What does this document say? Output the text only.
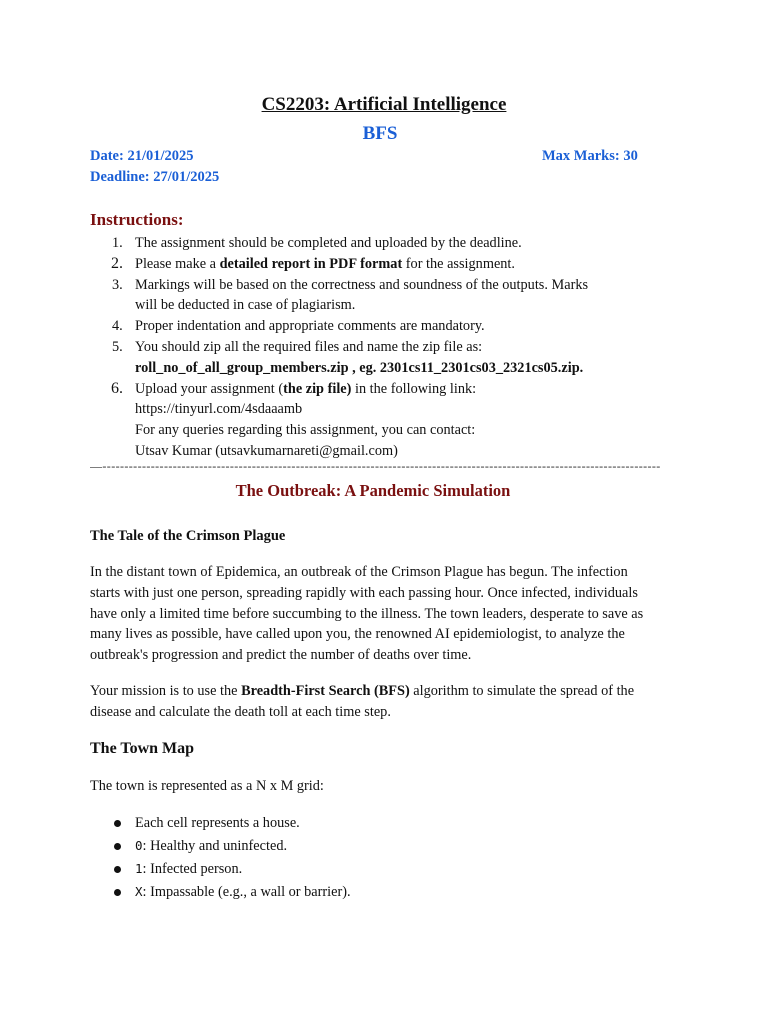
CS2203: Artificial Intelligence
BFS
Date: 21/01/2025	Max Marks: 30
Deadline: 27/01/2025
Instructions:
1. The assignment should be completed and uploaded by the deadline.
2. Please make a detailed report in PDF format for the assignment.
3. Markings will be based on the correctness and soundness of the outputs. Marks
will be deducted in case of plagiarism.
4. Proper indentation and appropriate comments are mandatory.
5. You should zip all the required files and name the zip file as:
roll_no_of_all_group_members.zip , eg. 2301cs11_2301cs03_2321cs05.zip.
6. Upload your assignment (the zip file) in the following link:
https://tinyurl.com/4sdaaamb
For any queries regarding this assignment, you can contact:
Utsav Kumar (utsavkumarnareti@gmail.com)
—-------------------------------------------------------------------------------------------------------------------------------
The Outbreak: A Pandemic Simulation
The Tale of the Crimson Plague
In the distant town of Epidemica, an outbreak of the Crimson Plague has begun. The infection
starts with just one person, spreading rapidly with each passing hour. Once infected, individuals
have only a limited time before succumbing to the illness. The town leaders, desperate to save as
many lives as possible, have called upon you, the renowned AI epidemiologist, to analyze the
outbreak's progression and predict the number of deaths over time.
Your mission is to use the Breadth-First Search (BFS) algorithm to simulate the spread of the
disease and calculate the death toll at each time step.
The Town Map
The town is represented as a N x M grid:
Each cell represents a house.
0: Healthy and uninfected.
1: Infected person.
X: Impassable (e.g., a wall or barrier).
